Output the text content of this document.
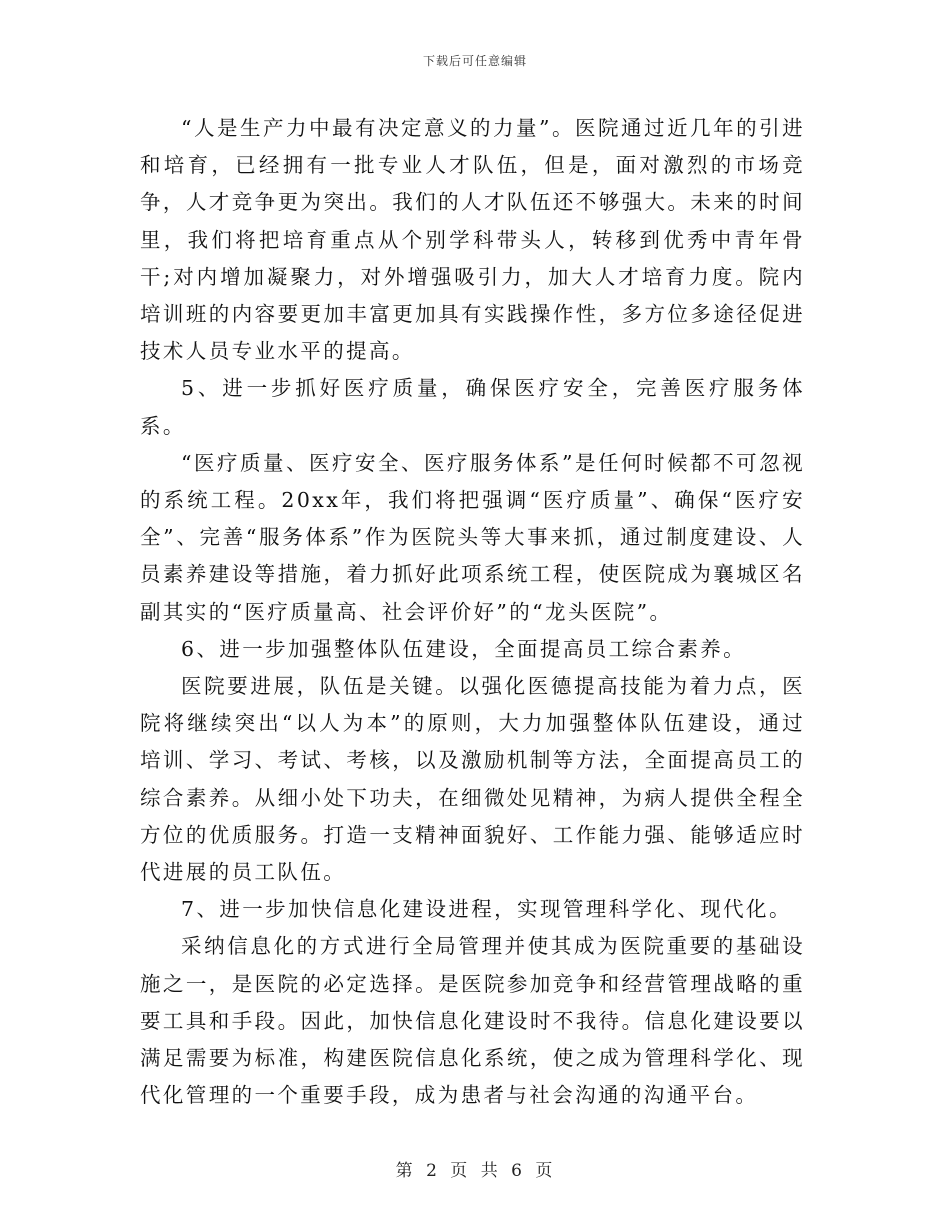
下载后可任意编辑

“人是生产力中最有决定意义的力量”。医院通过近几年的引进和培育，已经拥有一批专业人才队伍，但是，面对激烈的市场竞争，人才竞争更为突出。我们的人才队伍还不够强大。未来的时间里，我们将把培育重点从个别学科带头人，转移到优秀中青年骨干;对内增加凝聚力，对外增强吸引力，加大人才培育力度。院内培训班的内容要更加丰富更加具有实践操作性，多方位多途径促进技术人员专业水平的提高。

5、进一步抓好医疗质量，确保医疗安全，完善医疗服务体系。

“医疗质量、医疗安全、医疗服务体系”是任何时候都不可忽视的系统工程。20xx年，我们将把强调“医疗质量”、确保“医疗安全”、完善“服务体系”作为医院头等大事来抓，通过制度建设、人员素养建设等措施，着力抓好此项系统工程，使医院成为襄城区名副其实的“医疗质量高、社会评价好”的“龙头医院”。

6、进一步加强整体队伍建设，全面提高员工综合素养。

医院要进展，队伍是关键。以强化医德提高技能为着力点，医院将继续突出“以人为本”的原则，大力加强整体队伍建设，通过培训、学习、考试、考核，以及激励机制等方法，全面提高员工的综合素养。从细小处下功夫，在细微处见精神，为病人提供全程全方位的优质服务。打造一支精神面貌好、工作能力强、能够适应时代进展的员工队伍。

7、进一步加快信息化建设进程，实现管理科学化、现代化。

采纳信息化的方式进行全局管理并使其成为医院重要的基础设施之一，是医院的必定选择。是医院参加竞争和经营管理战略的重要工具和手段。因此，加快信息化建设时不我待。信息化建设要以满足需要为标准，构建医院信息化系统，使之成为管理科学化、现代化管理的一个重要手段，成为患者与社会沟通的沟通平台。

第 2 页 共 6 页
